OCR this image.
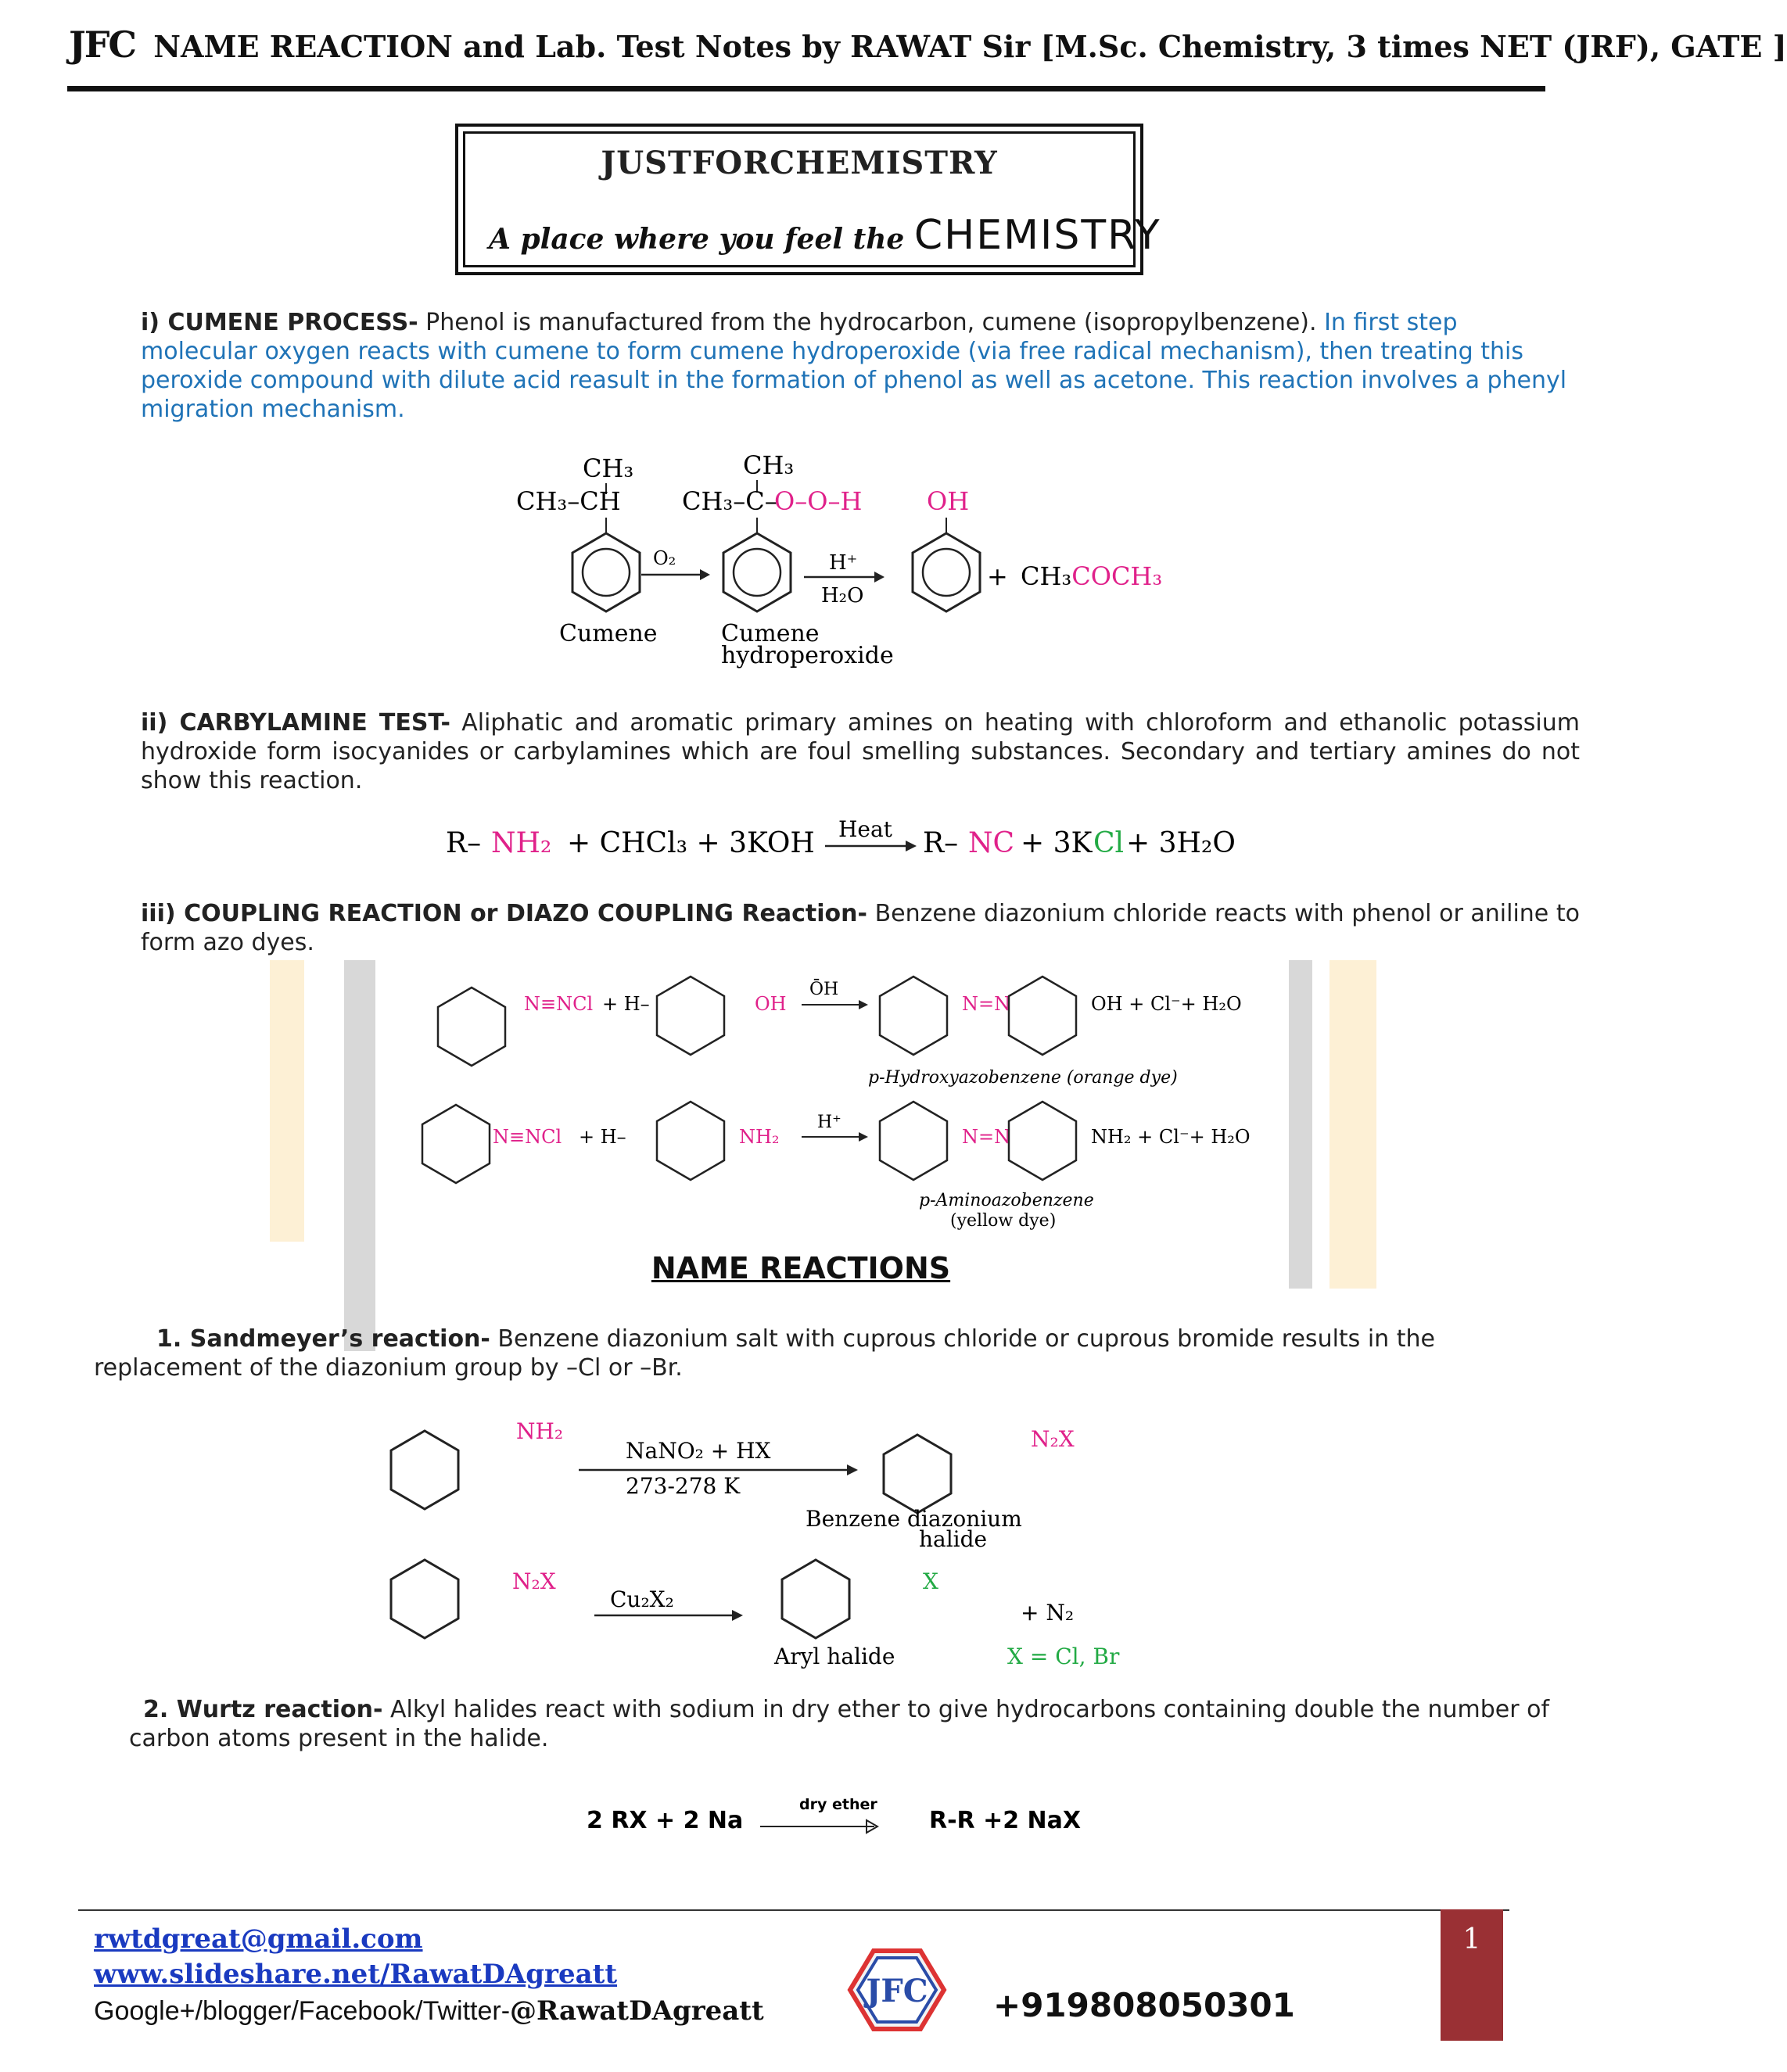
JFC NAME REACTION and Lab. Test Notes by RAWAT Sir [M.Sc. Chemistry, 3 times NET (JRF), GATE ]
JUSTFORCHEMISTRY
A place where you feel the CHEMISTRY
i) CUMENE PROCESS- Phenol is manufactured from the hydrocarbon, cumene (isopropylbenzene). In first step molecular oxygen reacts with cumene to form cumene hydroperoxide (via free radical mechanism), then treating this peroxide compound with dilute acid reasult in the formation of phenol as well as acetone. This reaction involves a phenyl migration mechanism.
CH₃
CH₃–CH
Cumene
O₂
CH₃
CH₃–C–
O–O–H
Cumene
hydroperoxide
H⁺
H₂O
OH
+ CH₃COCH₃
ii) CARBYLAMINE TEST- Aliphatic and aromatic primary amines on heating with chloroform and ethanolic potassium hydroxide form isocyanides or carbylamines which are foul smelling substances. Secondary and tertiary amines do not show this reaction.
R– NH₂ + CHCl₃ + 3KOH Heat R– NC + 3K Cl + 3H₂O
iii) COUPLING REACTION or DIAZO COUPLING Reaction- Benzene diazonium chloride reacts with phenol or aniline to form azo dyes.
N≡NCl + H–	OH
ŌH
N=N	OH + Cl⁻+ H₂O
p-Hydroxyazobenzene (orange dye)
N≡NCl + H–	NH₂
H⁺
N=N	NH₂ + Cl⁻+ H₂O
p-Aminoazobenzene
(yellow dye)
NAME REACTIONS
1. Sandmeyer’s reaction- Benzene diazonium salt with cuprous chloride or cuprous bromide results in the replacement of the diazonium group by –Cl or –Br.
NH₂
NaNO₂ + HX
273-278 K
N₂X
Benzene diazonium
halide
N₂X
Cu₂X₂
X
+ N₂
Aryl halide	X = Cl, Br
2. Wurtz reaction- Alkyl halides react with sodium in dry ether to give hydrocarbons containing double the number of carbon atoms present in the halide.
2 RX + 2 Na
dry ether
R-R +2 NaX
rwtdgreat@gmail.com
www.slideshare.net/RawatDAgreatt
Google+/blogger/Facebook/Twitter-@RawatDAgreatt
JFC +919808050301
1
